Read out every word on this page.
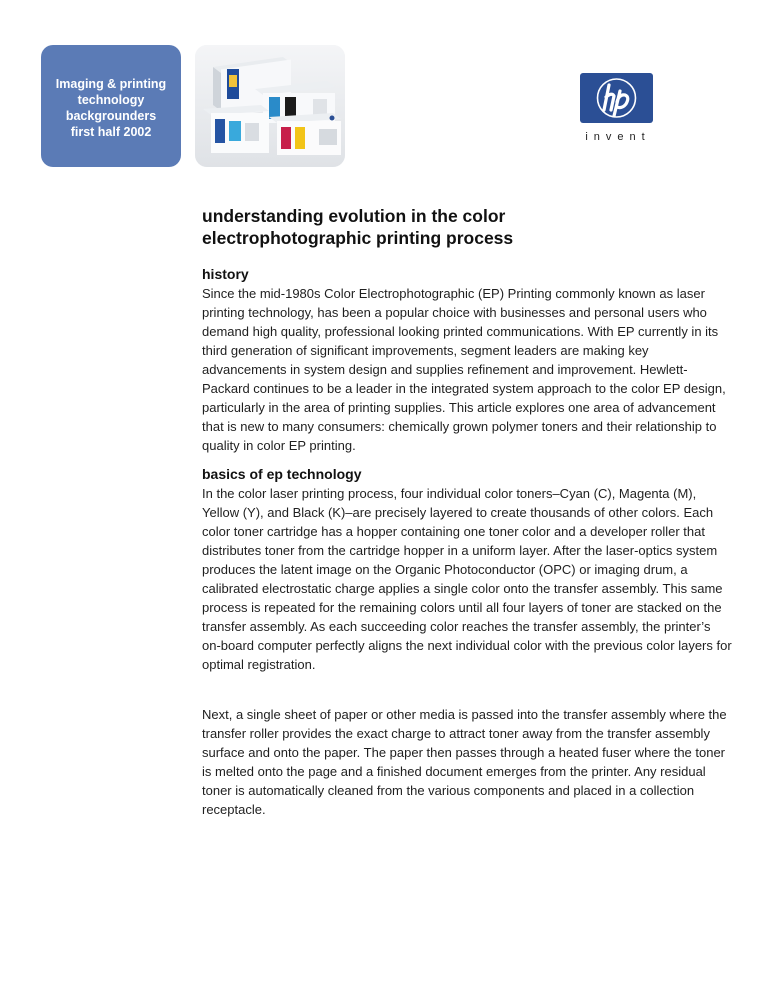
Imaging & printing
technology
backgrounders
first half 2002	invent
understanding evolution in the color electrophotographic printing process
history

Since the mid-1980s Color Electrophotographic (EP) Printing commonly known as laser printing technology, has been a popular choice with businesses and personal users who demand high quality, professional looking printed communications. With EP currently in its third generation of significant improvements, segment leaders are making key advancements in system design and supplies refinement and improvement. Hewlett-Packard continues to be a leader in the integrated system approach to the color EP design, particularly in the area of printing supplies. This article explores one area of advancement that is new to many consumers: chemically grown polymer toners and their relationship to quality in color EP printing.

basics of ep technology

In the color laser printing process, four individual color toners–Cyan (C), Magenta (M), Yellow (Y), and Black (K)–are precisely layered to create thousands of other colors. Each color toner cartridge has a hopper containing one toner color and a developer roller that distributes toner from the cartridge hopper in a uniform layer. After the laser-optics system produces the latent image on the Organic Photoconductor (OPC) or imaging drum, a calibrated electrostatic charge applies a single color onto the transfer assembly. This same process is repeated for the remaining colors until all four layers of toner are stacked on the transfer assembly. As each succeeding color reaches the transfer assembly, the printer’s on-board computer perfectly aligns the next individual color with the previous color layers for optimal registration.

Next, a single sheet of paper or other media is passed into the transfer assembly where the transfer roller provides the exact charge to attract toner away from the transfer assembly surface and onto the paper. The paper then passes through a heated fuser where the toner is melted onto the page and a finished document emerges from the printer. Any residual toner is automatically cleaned from the various components and placed in a collection receptacle.
